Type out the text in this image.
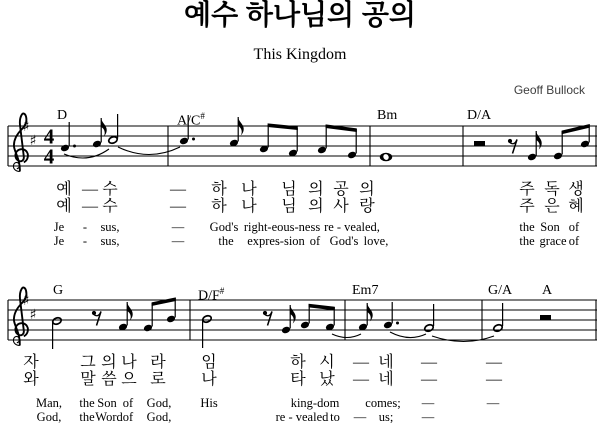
예수 하나님의 공의
This Kingdom
Geoff Bullock
♯
♯ 4
4
♯
♯
D	A/C#	Bm	D/A
예 — 수	— 하 나 님 의 공 의	주 독 생
예 — 수	— 하 나 님 의 사 랑	주 은 혜
Je - sus,	— God's right-eous-ness re - vealed,	the Son of
Je - sus,	—	the expres-sion of God's love,	the grace of
G	D/F#	Em7	G/A A
자	그 의 나 라 임	하 시 — 네 —	—
와	말 씀 으 로 나	타 났 — 네 —	—
Man, the Son of God, His	king-dom comes; —	—
God, the Word of God,	re - vealed to — us; —
